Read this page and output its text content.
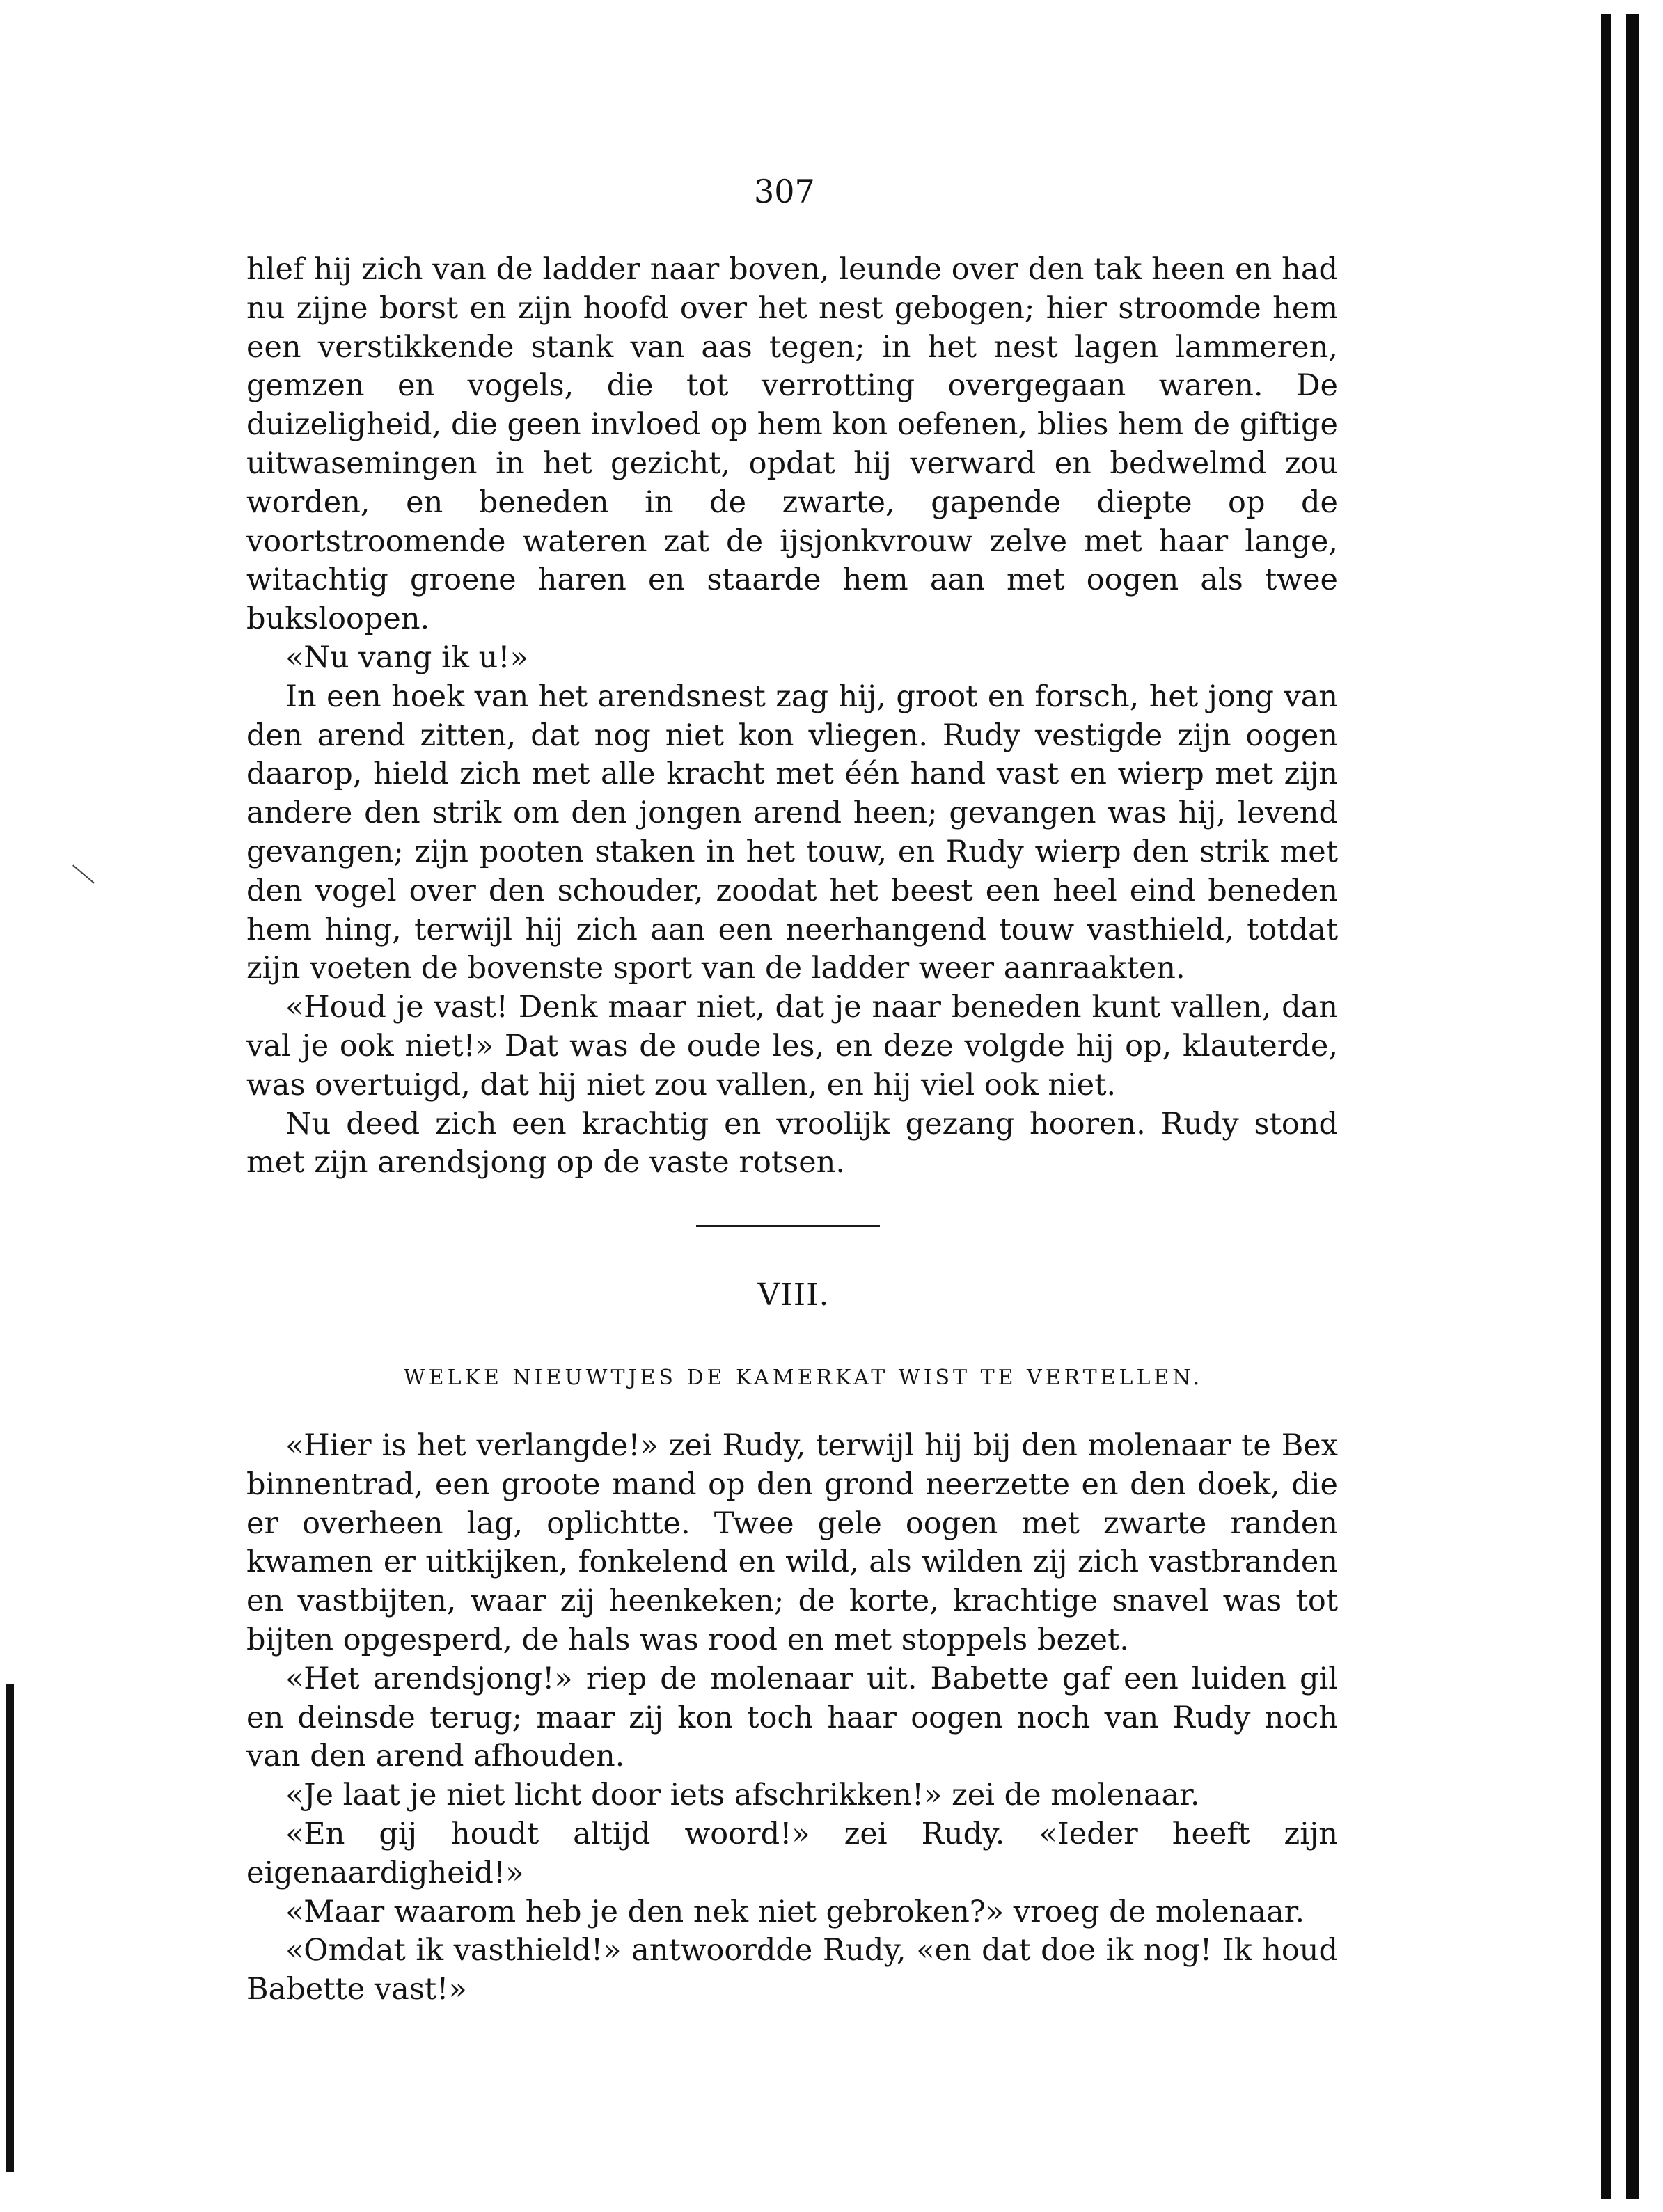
307

hlef hij zich van de ladder naar boven, leunde over den tak heen en had nu zijne borst en zijn hoofd over het nest gebogen; hier stroomde hem een verstikkende stank van aas tegen; in het nest lagen lammeren, gemzen en vogels, die tot verrotting overgegaan waren. De duizeligheid, die geen invloed op hem kon oefenen, blies hem de giftige uitwasemingen in het gezicht, opdat hij verward en bedwelmd zou worden, en beneden in de zwarte, gapende diepte op de voortstroomende wateren zat de ijsjonkvrouw zelve met haar lange, witachtig groene haren en staarde hem aan met oogen als twee buksloopen.

«Nu vang ik u!»

In een hoek van het arendsnest zag hij, groot en forsch, het jong van den arend zitten, dat nog niet kon vliegen. Rudy vestigde zijn oogen daarop, hield zich met alle kracht met één hand vast en wierp met zijn andere den strik om den jongen arend heen; gevangen was hij, levend gevangen; zijn pooten staken in het touw, en Rudy wierp den strik met den vogel over den schouder, zoodat het beest een heel eind beneden hem hing, terwijl hij zich aan een neerhangend touw vasthield, totdat zijn voeten de bovenste sport van de ladder weer aanraakten.

«Houd je vast! Denk maar niet, dat je naar beneden kunt vallen, dan val je ook niet!» Dat was de oude les, en deze volgde hij op, klauterde, was overtuigd, dat hij niet zou vallen, en hij viel ook niet.

Nu deed zich een krachtig en vroolijk gezang hooren. Rudy stond met zijn arendsjong op de vaste rotsen.

VIII.
WELKE NIEUWTJES DE KAMERKAT WIST TE VERTELLEN.

«Hier is het verlangde!» zei Rudy, terwijl hij bij den molenaar te Bex binnentrad, een groote mand op den grond neerzette en den doek, die er overheen lag, oplichtte. Twee gele oogen met zwarte randen kwamen er uitkijken, fonkelend en wild, als wilden zij zich vastbranden en vastbijten, waar zij heenkeken; de korte, krachtige snavel was tot bijten opgesperd, de hals was rood en met stoppels bezet.

«Het arendsjong!» riep de molenaar uit. Babette gaf een luiden gil en deinsde terug; maar zij kon toch haar oogen noch van Rudy noch van den arend afhouden.

«Je laat je niet licht door iets afschrikken!» zei de molenaar.

«En gij houdt altijd woord!» zei Rudy. «Ieder heeft zijn eigenaardigheid!»

«Maar waarom heb je den nek niet gebroken?» vroeg de molenaar.

«Omdat ik vasthield!» antwoordde Rudy, «en dat doe ik nog! Ik houd Babette vast!»
